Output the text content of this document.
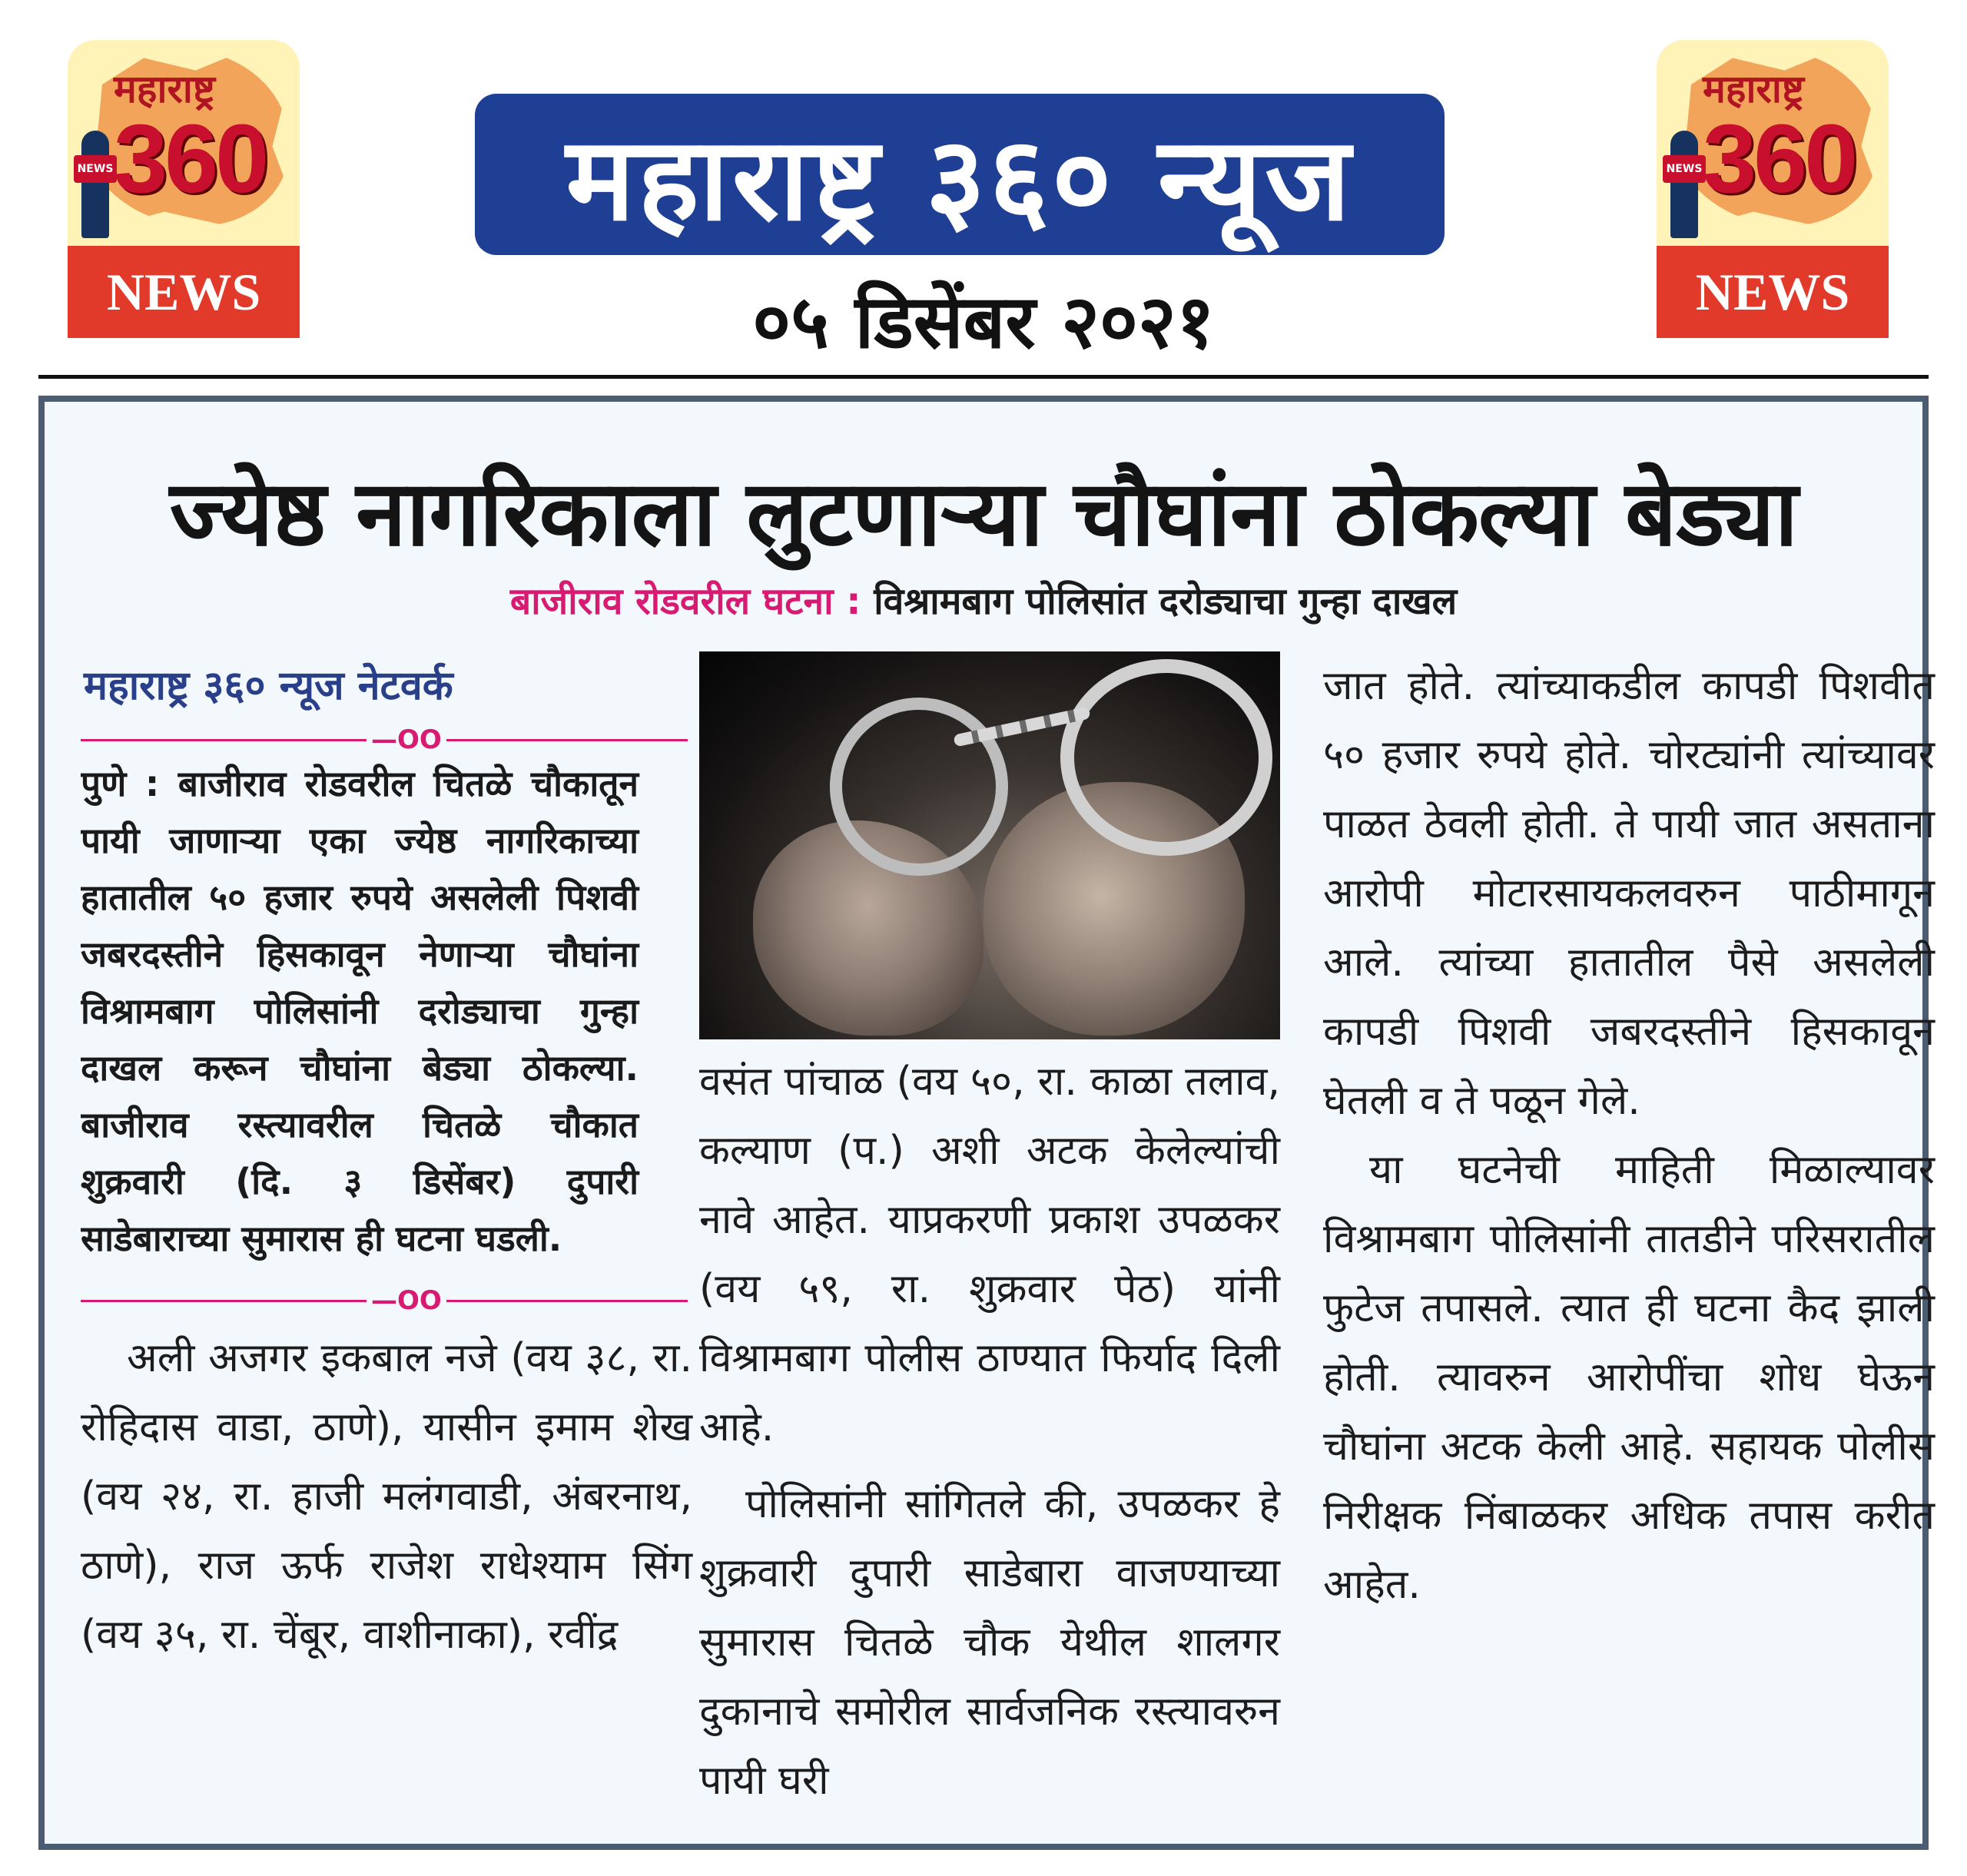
महाराष्ट्र
NEWS 360
NEWS
महाराष्ट्र ३६० न्यूज
०५ डिसेंबर २०२१
महाराष्ट्र
NEWS 360
NEWS
ज्येष्ठ नागरिकाला लुटणाऱ्या चौघांना ठोकल्या बेड्या
बाजीराव रोडवरील घटना : विश्रामबाग पोलिसांत दरोड्याचा गुन्हा दाखल
महाराष्ट्र ३६० न्यूज नेटवर्क
—OO

पुणे : बाजीराव रोडवरील चितळे चौकातून पायी जाणाऱ्या एका ज्येष्ठ नागरिकाच्या हातातील ५० हजार रुपये असलेली पिशवी जबरदस्तीने हिसकावून नेणाऱ्या चौघांना विश्रामबाग पोलिसांनी दरोड्याचा गुन्हा दाखल करून चौघांना बेड्या ठोकल्या. बाजीराव रस्त्यावरील चितळे चौकात शुक्रवारी (दि. ३ डिसेंबर) दुपारी साडेबाराच्या सुमारास ही घटना घडली.

—OO

अली अजगर इकबाल नजे (वय ३८, रा. रोहिदास वाडा, ठाणे), यासीन इमाम शेख (वय २४, रा. हाजी मलंगवाडी, अंबरनाथ, ठाणे), राज ऊर्फ राजेश राधेश्याम सिंग (वय ३५, रा. चेंबूर, वाशीनाका), रवींद्र

वसंत पांचाळ (वय ५०, रा. काळा तलाव, कल्याण (प.) अशी अटक केलेल्यांची नावे आहेत. याप्रकरणी प्रकाश उपळकर (वय ५९, रा. शुक्रवार पेठ) यांनी विश्रामबाग पोलीस ठाण्यात फिर्याद दिली आहे.

पोलिसांनी सांगितले की, उपळकर हे शुक्रवारी दुपारी साडेबारा वाजण्याच्या सुमारास चितळे चौक येथील शालगर दुकानाचे समोरील सार्वजनिक रस्त्यावरुन पायी घरी

जात होते. त्यांच्याकडील कापडी पिशवीत ५० हजार रुपये होते. चोरट्यांनी त्यांच्यावर पाळत ठेवली होती. ते पायी जात असताना आरोपी मोटारसायकलवरुन पाठीमागून आले. त्यांच्या हातातील पैसे असलेली कापडी पिशवी जबरदस्तीने हिसकावून घेतली व ते पळून गेले.

या घटनेची माहिती मिळाल्यावर विश्रामबाग पोलिसांनी तातडीने परिसरातील फुटेज तपासले. त्यात ही घटना कैद झाली होती. त्यावरुन आरोपींचा शोध घेऊन चौघांना अटक केली आहे. सहायक पोलीस निरीक्षक निंबाळकर अधिक तपास करीत आहेत.
